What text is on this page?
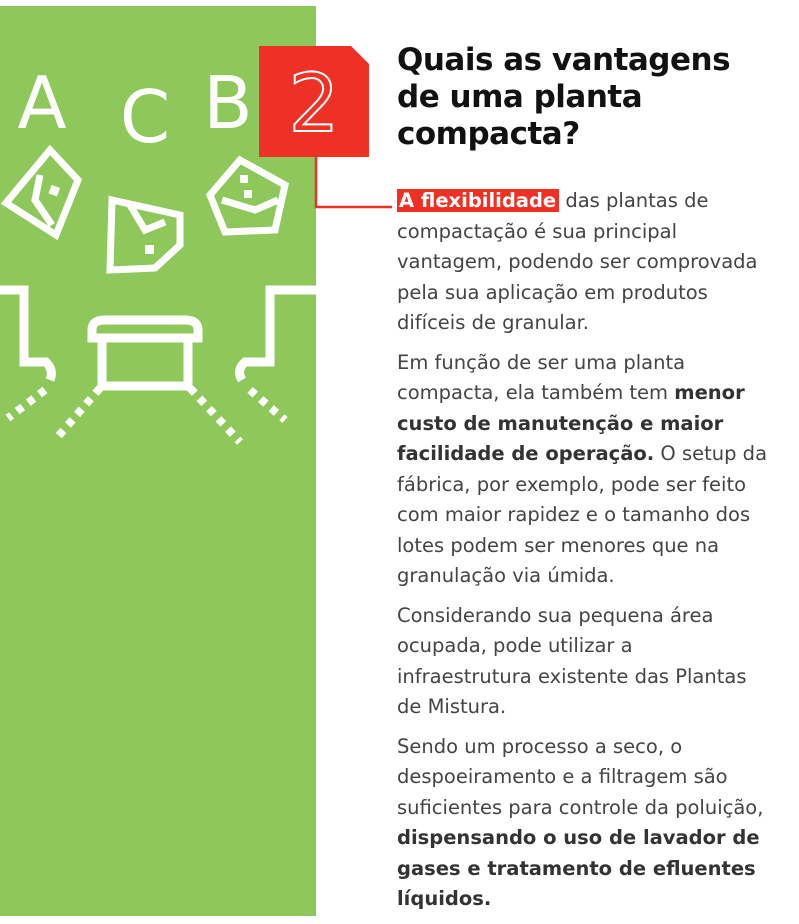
A C B 2 Quais as vantagens de uma planta compacta?

A flexibilidade das plantas de compactação é sua principal vantagem, podendo ser comprovada pela sua aplicação em produtos difíceis de granular.

Em função de ser uma planta compacta, ela também tem menor custo de manutenção e maior facilidade de operação. O setup da fábrica, por exemplo, pode ser feito com maior rapidez e o tamanho dos lotes podem ser menores que na granulação via úmida.

Considerando sua pequena área ocupada, pode utilizar a infraestrutura existente das Plantas de Mistura.

Sendo um processo a seco, o despoeiramento e a filtragem são suficientes para controle da poluição, dispensando o uso de lavador de gases e tratamento de efluentes líquidos.
